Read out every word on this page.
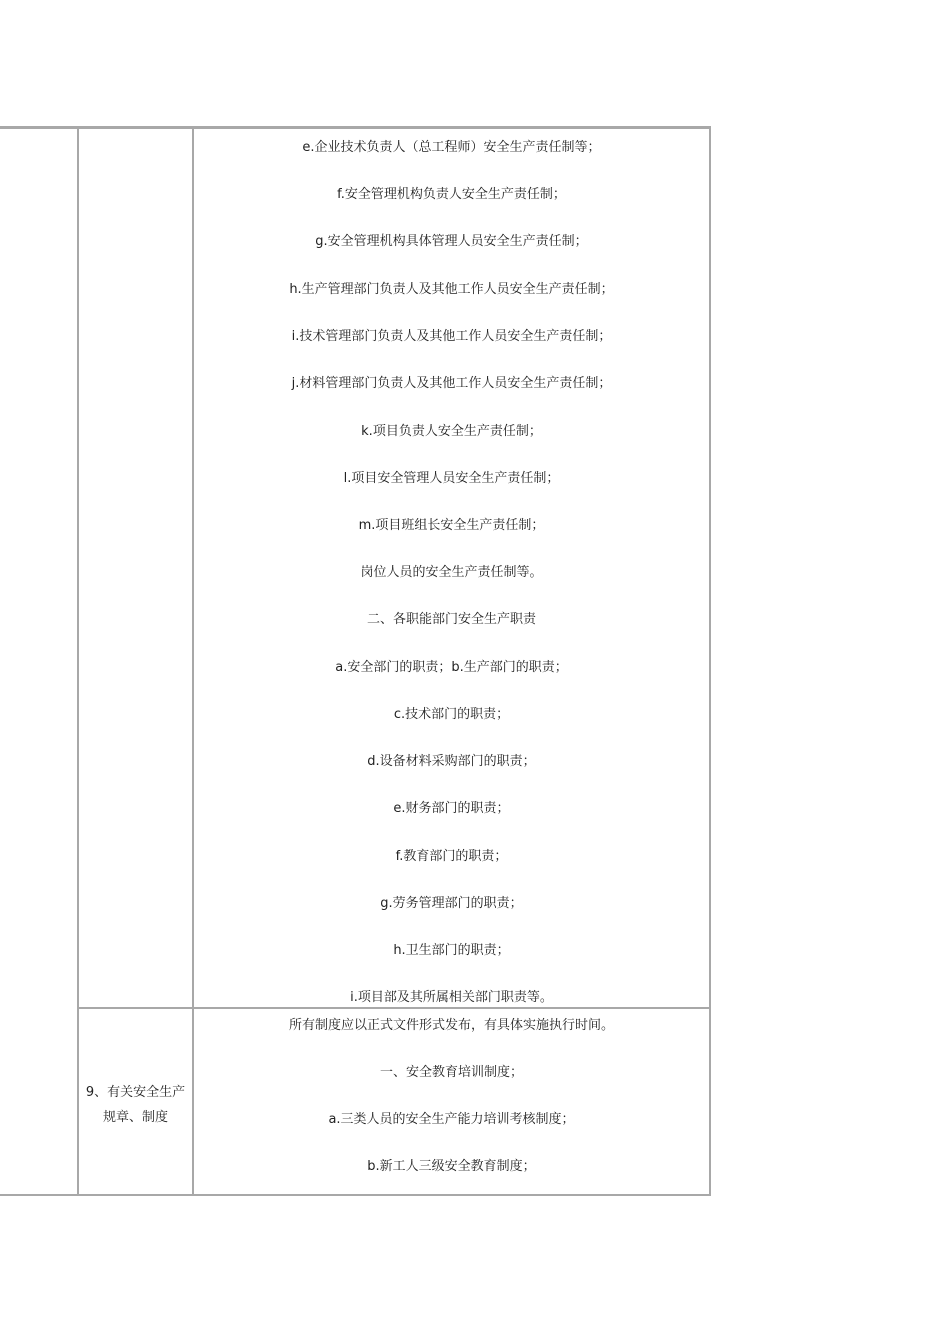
e.企业技术负责人（总工程师）安全生产责任制等；
f.安全管理机构负责人安全生产责任制；
g.安全管理机构具体管理人员安全生产责任制；
h.生产管理部门负责人及其他工作人员安全生产责任制；
i.技术管理部门负责人及其他工作人员安全生产责任制；
j.材料管理部门负责人及其他工作人员安全生产责任制；
k.项目负责人安全生产责任制；
l.项目安全管理人员安全生产责任制；
m.项目班组长安全生产责任制；
岗位人员的安全生产责任制等。
二、各职能部门安全生产职责
a.安全部门的职责；b.生产部门的职责；
c.技术部门的职责；
d.设备材料采购部门的职责；
e.财务部门的职责；
f.教育部门的职责；
g.劳务管理部门的职责；
h.卫生部门的职责；
i.项目部及其所属相关部门职责等。
9、有关安全生产
规章、制度
所有制度应以正式文件形式发布，有具体实施执行时间。
一、安全教育培训制度；
a.三类人员的安全生产能力培训考核制度；
b.新工人三级安全教育制度；
